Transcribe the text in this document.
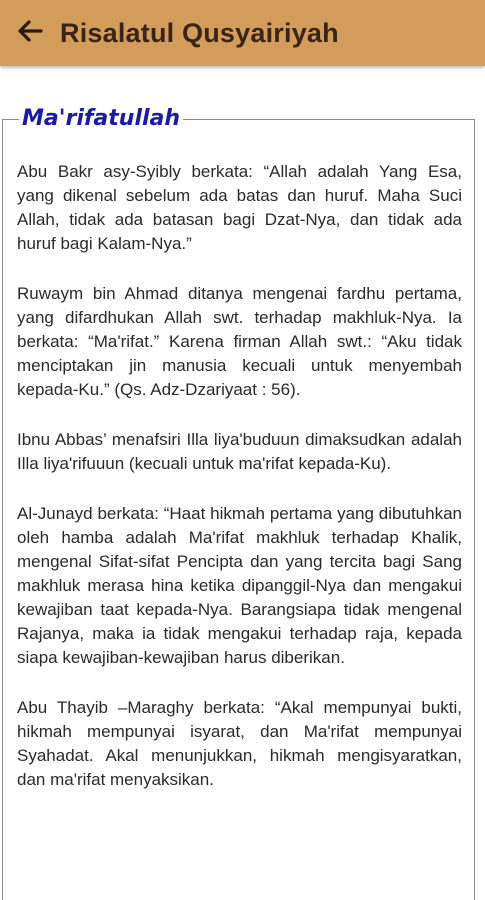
Risalatul Qusyairiyah
Ma'rifatullah

Abu Bakr asy-Syibly berkata: “Allah adalah Yang Esa, yang dikenal sebelum ada batas dan huruf. Maha Suci Allah, tidak ada batasan bagi Dzat-Nya, dan tidak ada huruf bagi Kalam-Nya.”

Ruwaym bin Ahmad ditanya mengenai fardhu pertama, yang difardhukan Allah swt. terhadap makhluk-Nya. Ia berkata: “Ma'rifat.” Karena firman Allah swt.: “Aku tidak menciptakan jin manusia kecuali untuk menyembah kepada-Ku.” (Qs. Adz-Dzariyaat : 56).

Ibnu Abbas’ menafsiri Illa liya'buduun dimaksudkan adalah Illa liya'rifuuun (kecuali untuk ma'rifat kepada-Ku).

Al-Junayd berkata: “Haat hikmah pertama yang dibutuhkan oleh hamba adalah Ma'rifat makhluk terhadap Khalik, mengenal Sifat-sifat Pencipta dan yang tercita bagi Sang makhluk merasa hina ketika dipanggil-Nya dan mengakui kewajiban taat kepada-Nya. Barangsiapa tidak mengenal Rajanya, maka ia tidak mengakui terhadap raja, kepada siapa kewajiban-kewajiban harus diberikan.

Abu Thayib –Maraghy berkata: “Akal mempunyai bukti, hikmah mempunyai isyarat, dan Ma'rifat mempunyai Syahadat. Akal menunjukkan, hikmah mengisyaratkan, dan ma'rifat menyaksikan.
